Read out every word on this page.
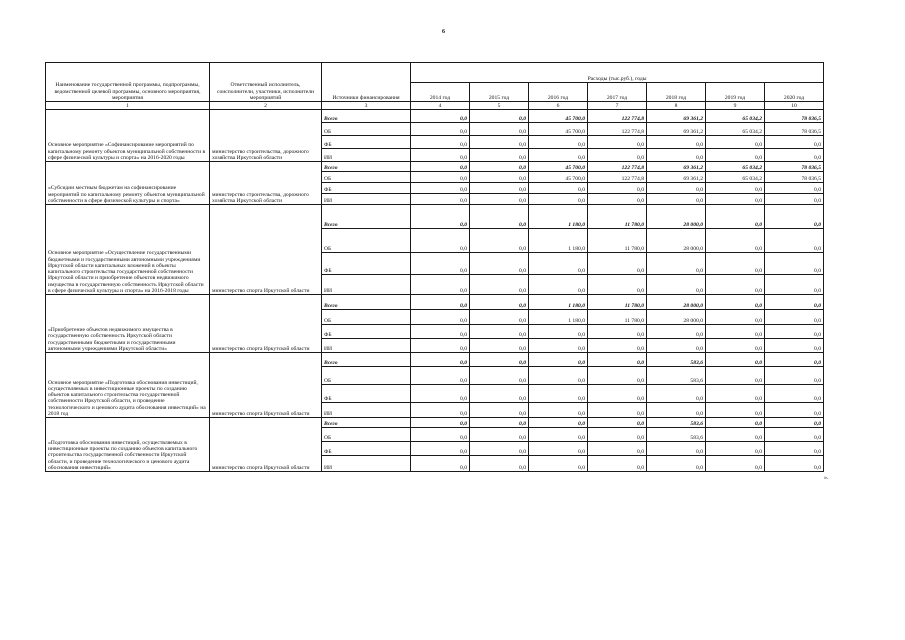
6
Наименование государственной программы, подпрограммы, ведомственной целевой программы, основного мероприятия, мероприятия	Ответственный исполнитель, соисполнители, участники, исполнители мероприятий	Источники финансирования	Расходы (тыс.руб.), годы						
			2014 год	2015 год	2016 год	2017 год	2018 год	2019 год	2020 год
1	2	3	4	5	6	7	8	9	10
Основное мероприятие «Софинансирование мероприятий по капитальному ремонту объектов муниципальной собственности в сфере физической культуры и спорта» на 2016-2020 годы	министерство строительства, дорожного хозяйства Иркутской области	Всего	0,0	0,0	45 700,0	122 774,8	69 361,2	65 034,2	78 036,5
		ОБ	0,0	0,0	45 700,0	122 774,8	69 361,2	65 034,2	78 036,5
		ФБ	0,0	0,0	0,0	0,0	0,0	0,0	0,0
		ИИ	0,0	0,0	0,0	0,0	0,0	0,0	0,0
«Субсидии местным бюджетам на софинансирование мероприятий по капитальному ремонту объектов муниципальной собственности в сфере физической культуры и спорта»	министерство строительства, дорожного хозяйства Иркутской области	Всего	0,0	0,0	45 700,0	122 774,8	69 361,2	65 034,2	78 036,5
		ОБ	0,0	0,0	45 700,0	122 774,8	69 361,2	65 034,2	78 036,5
		ФБ	0,0	0,0	0,0	0,0	0,0	0,0	0,0
		ИИ	0,0	0,0	0,0	0,0	0,0	0,0	0,0
Основное мероприятие «Осуществление государственными бюджетными и государственными автономными учреждениями Иркутской области капитальных вложений в объекты капитального строительства государственной собственности Иркутской области и приобретение объектов недвижимого имущества в государственную собственность Иркутской области в сфере физической культуры и спорта» на 2016-2018 годы	министерство спорта Иркутской области	Всего	0,0	0,0	1 180,0	11 780,0	28 000,0	0,0	0,0
		ОБ	0,0	0,0	1 180,0	11 780,0	28 000,0	0,0	0,0
		ФБ	0,0	0,0	0,0	0,0	0,0	0,0	0,0
		ИИ	0,0	0,0	0,0	0,0	0,0	0,0	0,0
«Приобретение объектов недвижимого имущества в государственную собственность Иркутской области государственными бюджетными и государственными автономными учреждениями Иркутской области»	министерство спорта Иркутской области	Всего	0,0	0,0	1 180,0	11 780,0	28 000,0	0,0	0,0
		ОБ	0,0	0,0	1 180,0	11 780,0	28 000,0	0,0	0,0
		ФБ	0,0	0,0	0,0	0,0	0,0	0,0	0,0
		ИИ	0,0	0,0	0,0	0,0	0,0	0,0	0,0
Основное мероприятие «Подготовка обоснования инвестиций, осуществляемых в инвестиционные проекты по созданию объектов капитального строительства государственной собственности Иркутской области, и проведение технологического и ценового аудита обоснования инвестиций» на 2018 год	министерство спорта Иркутской области	Всего	0,0	0,0	0,0	0,0	583,6	0,0	0,0
		ОБ	0,0	0,0	0,0	0,0	583,6	0,0	0,0
		ФБ	0,0	0,0	0,0	0,0	0,0	0,0	0,0
		ИИ	0,0	0,0	0,0	0,0	0,0	0,0	0,0
«Подготовка обоснования инвестиций, осуществляемых в инвестиционные проекты по созданию объектов капитального строительства государственной собственности Иркутской области, и проведение технологического и ценового аудита обоснования инвестиций»	министерство спорта Иркутской области	Всего	0,0	0,0	0,0	0,0	583,6	0,0	0,0
		ОБ	0,0	0,0	0,0	0,0	583,6	0,0	0,0
		ФБ	0,0	0,0	0,0	0,0	0,0	0,0	0,0
		ИИ	0,0	0,0	0,0	0,0	0,0	0,0	0,0
».
